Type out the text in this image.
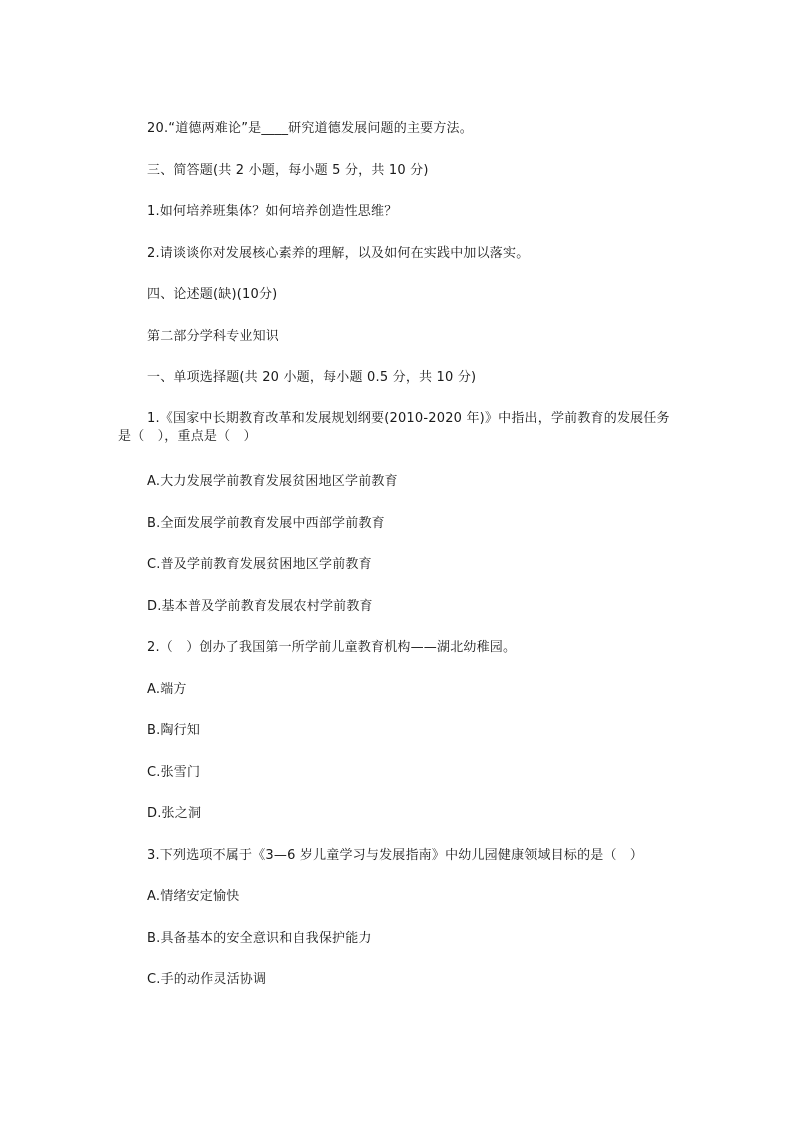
20.“道德两难论”是____研究道德发展问题的主要方法。
三、简答题(共 2 小题，每小题 5 分，共 10 分)
1.如何培养班集体？如何培养创造性思维？
2.请谈谈你对发展核心素养的理解，以及如何在实践中加以落实。
四、论述题(缺)(10分)
第二部分学科专业知识
一、单项选择题(共 20 小题，每小题 0.5 分，共 10 分)
1.《国家中长期教育改革和发展规划纲要(2010-2020 年)》中指出，学前教育的发展任务是（　），重点是（　）
A.大力发展学前教育发展贫困地区学前教育
B.全面发展学前教育发展中西部学前教育
C.普及学前教育发展贫困地区学前教育
D.基本普及学前教育发展农村学前教育
2.（　）创办了我国第一所学前儿童教育机构——湖北幼稚园。
A.端方
B.陶行知
C.张雪门
D.张之洞
3.下列选项不属于《3—6 岁儿童学习与发展指南》中幼儿园健康领域目标的是（　）
A.情绪安定愉快
B.具备基本的安全意识和自我保护能力
C.手的动作灵活协调
